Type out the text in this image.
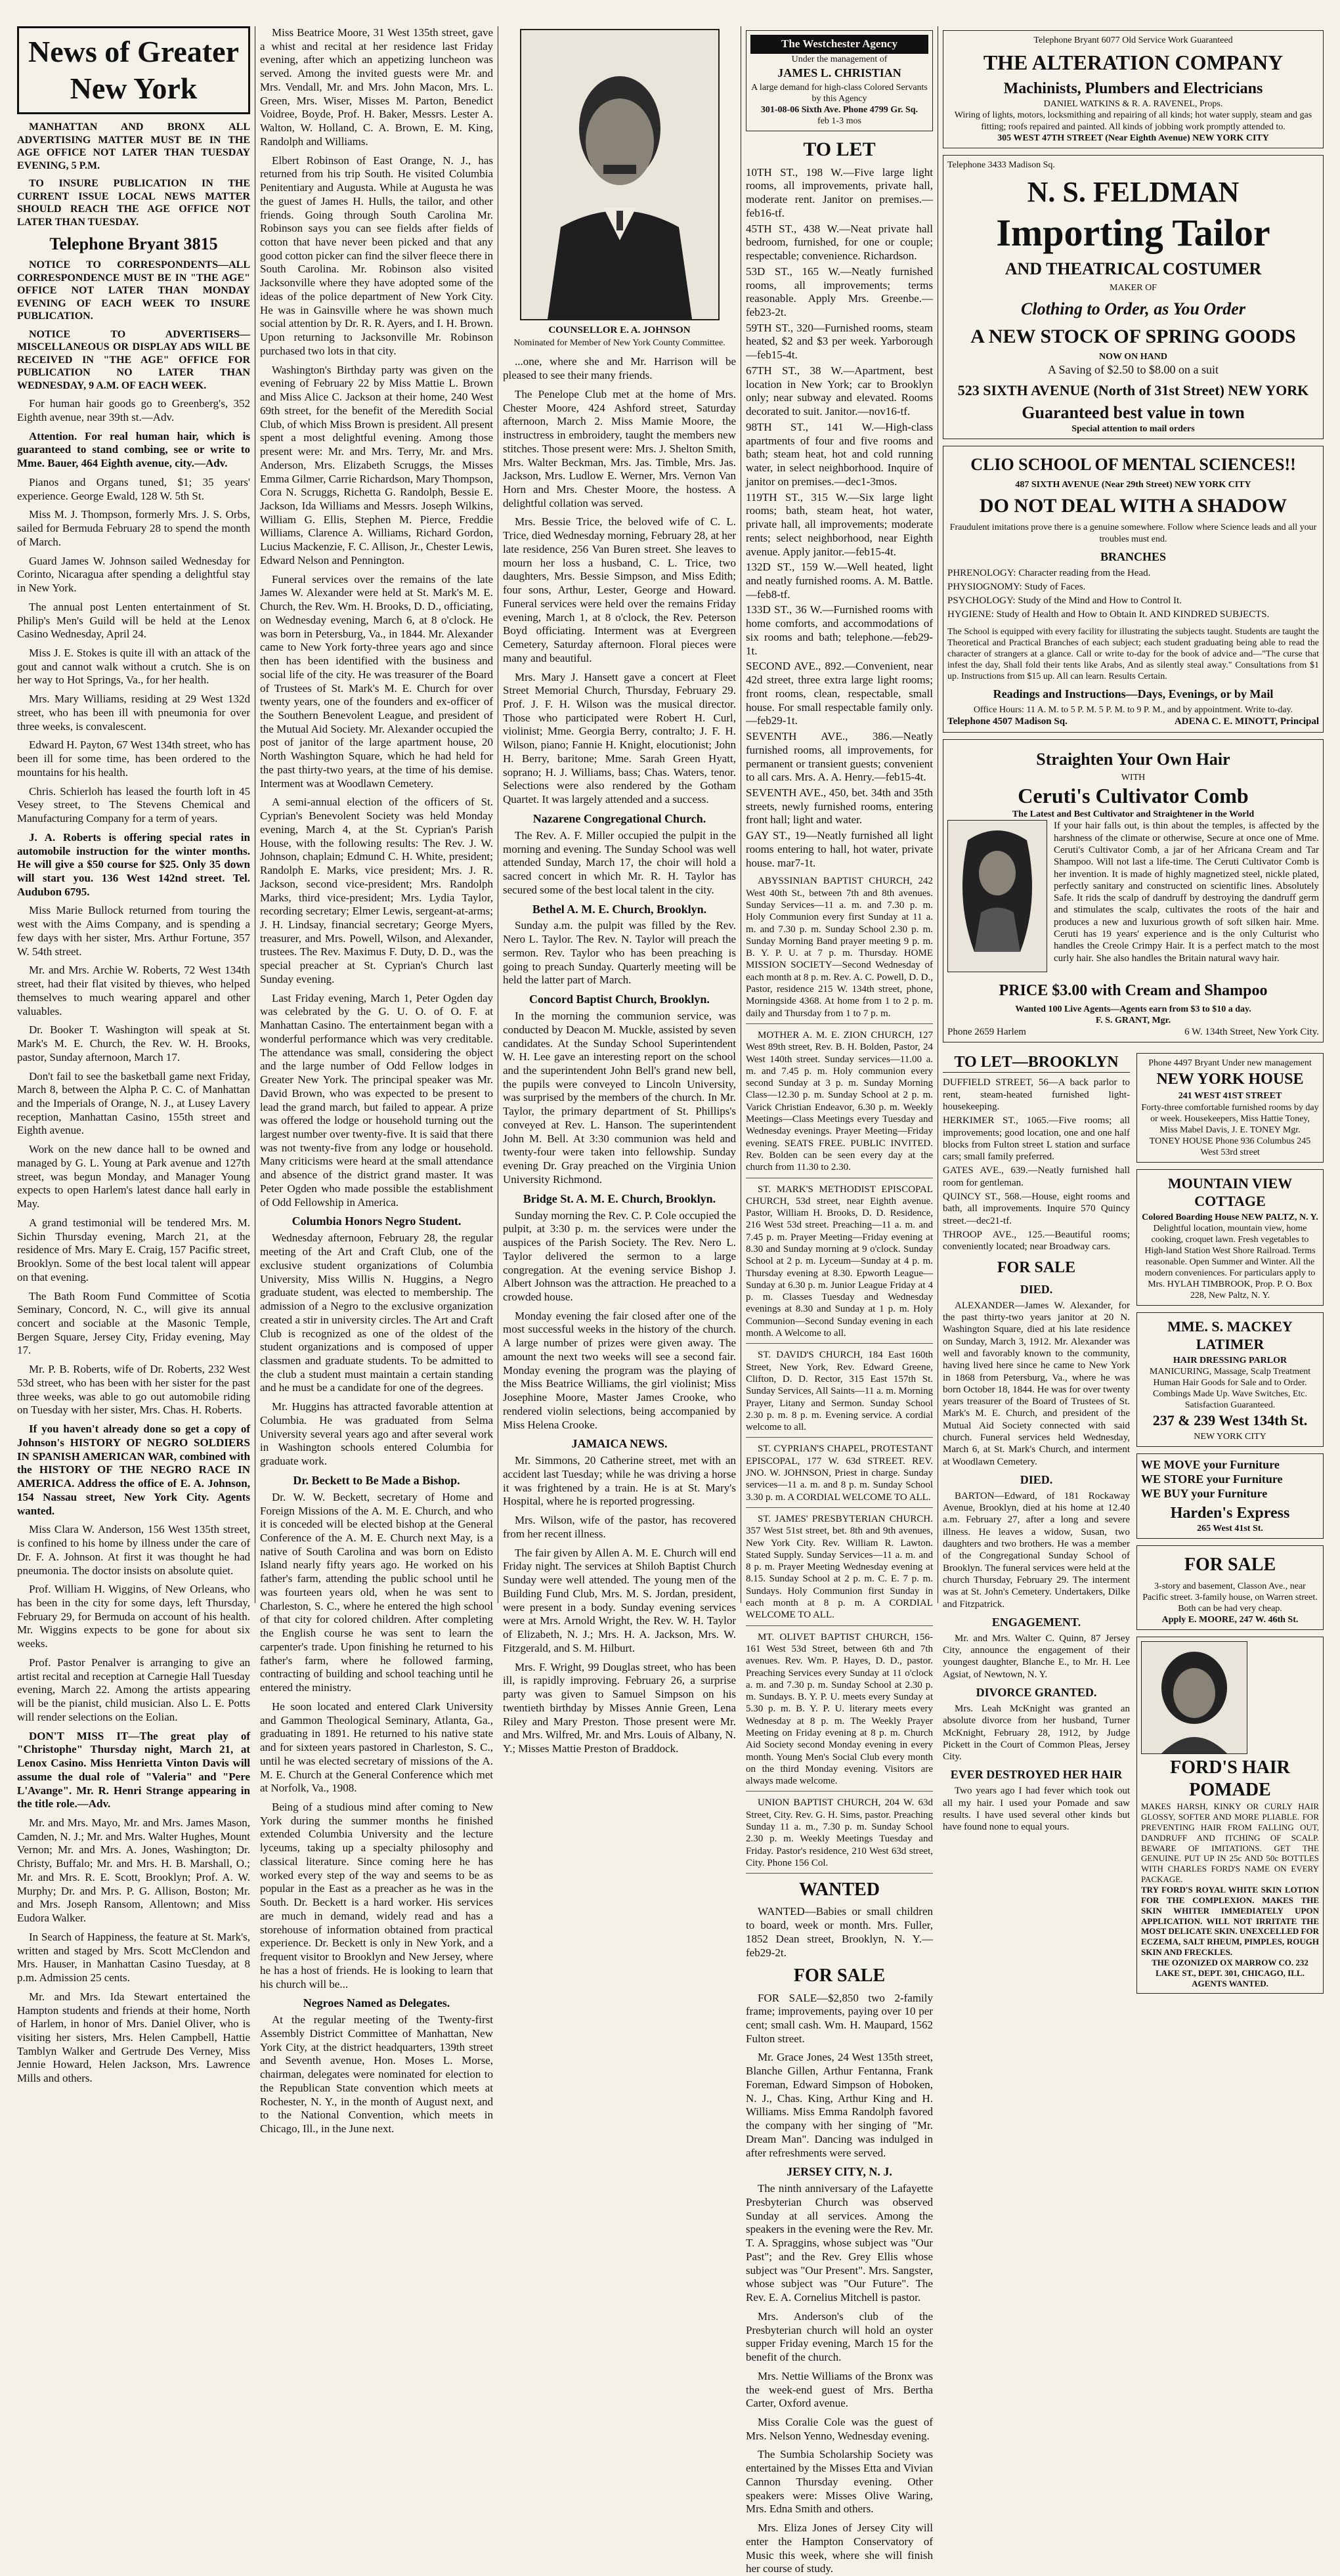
News of Greater New York

MANHATTAN AND BRONX ALL ADVERTISING MATTER MUST BE IN THE AGE OFFICE NOT LATER THAN TUESDAY EVENING, 5 P.M.

TO INSURE PUBLICATION IN THE CURRENT ISSUE LOCAL NEWS MATTER SHOULD REACH THE AGE OFFICE NOT LATER THAN TUESDAY.

Telephone Bryant 3815

NOTICE TO CORRESPONDENTS—ALL CORRESPONDENCE MUST BE IN "THE AGE" OFFICE NOT LATER THAN MONDAY EVENING OF EACH WEEK TO INSURE PUBLICATION.

NOTICE TO ADVERTISERS—MISCELLANEOUS OR DISPLAY ADS WILL BE RECEIVED IN "THE AGE" OFFICE FOR PUBLICATION NO LATER THAN WEDNESDAY, 9 A.M. OF EACH WEEK.

For human hair goods go to Greenberg's, 352 Eighth avenue, near 39th st.—Adv.

Attention. For real human hair, which is guaranteed to stand combing, see or write to Mme. Bauer, 464 Eighth avenue, city.—Adv.

Pianos and Organs tuned, $1; 35 years' experience. George Ewald, 128 W. 5th St.

Miss M. J. Thompson, formerly Mrs. J. S. Orbs, sailed for Bermuda February 28 to spend the month of March.

Guard James W. Johnson sailed Wednesday for Corinto, Nicaragua after spending a delightful stay in New York.

The annual post Lenten entertainment of St. Philip's Men's Guild will be held at the Lenox Casino Wednesday, April 24.

Miss J. E. Stokes is quite ill with an attack of the gout and cannot walk without a crutch. She is on her way to Hot Springs, Va., for her health.

Mrs. Mary Williams, residing at 29 West 132d street, who has been ill with pneumonia for over three weeks, is convalescent.

Edward H. Payton, 67 West 134th street, who has been ill for some time, has been ordered to the mountains for his health.

Chris. Schierloh has leased the fourth loft in 45 Vesey street, to The Stevens Chemical and Manufacturing Company for a term of years.

J. A. Roberts is offering special rates in automobile instruction for the winter months. He will give a $50 course for $25. Only 35 down will start you. 136 West 142nd street. Tel. Audubon 6795.

Miss Marie Bullock returned from touring the west with the Aims Company, and is spending a few days with her sister, Mrs. Arthur Fortune, 357 W. 54th street.

Mr. and Mrs. Archie W. Roberts, 72 West 134th street, had their flat visited by thieves, who helped themselves to much wearing apparel and other valuables.

Dr. Booker T. Washington will speak at St. Mark's M. E. Church, the Rev. W. H. Brooks, pastor, Sunday afternoon, March 17.

Don't fail to see the basketball game next Friday, March 8, between the Alpha P. C. C. of Manhattan and the Imperials of Orange, N. J., at Lusey Lavery reception, Manhattan Casino, 155th street and Eighth avenue.

Work on the new dance hall to be owned and managed by G. L. Young at Park avenue and 127th street, was begun Monday, and Manager Young expects to open Harlem's latest dance hall early in May.

A grand testimonial will be tendered Mrs. M. Sichin Thursday evening, March 21, at the residence of Mrs. Mary E. Craig, 157 Pacific street, Brooklyn. Some of the best local talent will appear on that evening.

The Bath Room Fund Committee of Scotia Seminary, Concord, N. C., will give its annual concert and sociable at the Masonic Temple, Bergen Square, Jersey City, Friday evening, May 17.

Mr. P. B. Roberts, wife of Dr. Roberts, 232 West 53d street, who has been with her sister for the past three weeks, was able to go out automobile riding on Tuesday with her sister, Mrs. Chas. H. Roberts.

If you haven't already done so get a copy of Johnson's HISTORY OF NEGRO SOLDIERS IN SPANISH AMERICAN WAR, combined with the HISTORY OF THE NEGRO RACE IN AMERICA. Address the office of E. A. Johnson, 154 Nassau street, New York City. Agents wanted.

Miss Clara W. Anderson, 156 West 135th street, is confined to his home by illness under the care of Dr. F. A. Johnson. At first it was thought he had pneumonia. The doctor insists on absolute quiet.

Prof. William H. Wiggins, of New Orleans, who has been in the city for some days, left Thursday, February 29, for Bermuda on account of his health. Mr. Wiggins expects to be gone for about six weeks.

Prof. Pastor Penalver is arranging to give an artist recital and reception at Carnegie Hall Tuesday evening, March 22. Among the artists appearing will be the pianist, child musician. Also L. E. Potts will render selections on the Eolian.

DON'T MISS IT—The great play of "Christophe" Thursday night, March 21, at Lenox Casino. Miss Henrietta Vinton Davis will assume the dual role of "Valeria" and "Pere L'Avange". Mr. R. Henri Strange appearing in the title role.—Adv.

Mr. and Mrs. Mayo, Mr. and Mrs. James Mason, Camden, N. J.; Mr. and Mrs. Walter Hughes, Mount Vernon; Mr. and Mrs. A. Jones, Washington; Dr. Christy, Buffalo; Mr. and Mrs. H. B. Marshall, O.; Mr. and Mrs. R. E. Scott, Brooklyn; Prof. A. W. Murphy; Dr. and Mrs. P. G. Allison, Boston; Mr. and Mrs. Joseph Ransom, Allentown; and Miss Eudora Walker.

In Search of Happiness, the feature at St. Mark's, written and staged by Mrs. Scott McClendon and Mrs. Hauser, in Manhattan Casino Tuesday, at 8 p.m. Admission 25 cents.

Mr. and Mrs. Ida Stewart entertained the Hampton students and friends at their home, North of Harlem, in honor of Mrs. Daniel Oliver, who is visiting her sisters, Mrs. Helen Campbell, Hattie Tamblyn Walker and Gertrude Des Verney, Miss Jennie Howard, Helen Jackson, Mrs. Lawrence Mills and others.

Miss Beatrice Moore, 31 West 135th street, gave a whist and recital at her residence last Friday evening, after which an appetizing luncheon was served. Among the invited guests were Mr. and Mrs. Vendall, Mr. and Mrs. John Macon, Mrs. L. Green, Mrs. Wiser, Misses M. Parton, Benedict Voidree, Boyde, Prof. H. Baker, Messrs. Lester A. Walton, W. Holland, C. A. Brown, E. M. King, Randolph and Williams.

Elbert Robinson of East Orange, N. J., has returned from his trip South. He visited Columbia Penitentiary and Augusta. While at Augusta he was the guest of James H. Hulls, the tailor, and other friends. Going through South Carolina Mr. Robinson says you can see fields after fields of cotton that have never been picked and that any good cotton picker can find the silver fleece there in South Carolina. Mr. Robinson also visited Jacksonville where they have adopted some of the ideas of the police department of New York City. He was in Gainsville where he was shown much social attention by Dr. R. R. Ayers, and I. H. Brown. Upon returning to Jacksonville Mr. Robinson purchased two lots in that city.

Washington's Birthday party was given on the evening of February 22 by Miss Mattie L. Brown and Miss Alice C. Jackson at their home, 240 West 69th street, for the benefit of the Meredith Social Club, of which Miss Brown is president. All present spent a most delightful evening. Among those present were: Mr. and Mrs. Terry, Mr. and Mrs. Anderson, Mrs. Elizabeth Scruggs, the Misses Emma Gilmer, Carrie Richardson, Mary Thompson, Cora N. Scruggs, Richetta G. Randolph, Bessie E. Jackson, Ida Williams and Messrs. Joseph Wilkins, William G. Ellis, Stephen M. Pierce, Freddie Williams, Clarence A. Williams, Richard Gordon, Lucius Mackenzie, F. C. Allison, Jr., Chester Lewis, Edward Nelson and Pennington.

Funeral services over the remains of the late James W. Alexander were held at St. Mark's M. E. Church, the Rev. Wm. H. Brooks, D. D., officiating, on Wednesday evening, March 6, at 8 o'clock. He was born in Petersburg, Va., in 1844. Mr. Alexander came to New York forty-three years ago and since then has been identified with the business and social life of the city. He was treasurer of the Board of Trustees of St. Mark's M. E. Church for over twenty years, one of the founders and ex-officer of the Southern Benevolent League, and president of the Mutual Aid Society. Mr. Alexander occupied the post of janitor of the large apartment house, 20 North Washington Square, which he had held for the past thirty-two years, at the time of his demise. Interment was at Woodlawn Cemetery.

A semi-annual election of the officers of St. Cyprian's Benevolent Society was held Monday evening, March 4, at the St. Cyprian's Parish House, with the following results: The Rev. J. W. Johnson, chaplain; Edmund C. H. White, president; Randolph E. Marks, vice president; Mrs. J. R. Jackson, second vice-president; Mrs. Randolph Marks, third vice-president; Mrs. Lydia Taylor, recording secretary; Elmer Lewis, sergeant-at-arms; J. H. Lindsay, financial secretary; George Myers, treasurer, and Mrs. Powell, Wilson, and Alexander, trustees. The Rev. Maximus F. Duty, D. D., was the special preacher at St. Cyprian's Church last Sunday evening.

Last Friday evening, March 1, Peter Ogden day was celebrated by the G. U. O. of O. F. at Manhattan Casino. The entertainment began with a wonderful performance which was very creditable. The attendance was small, considering the object and the large number of Odd Fellow lodges in Greater New York. The principal speaker was Mr. David Brown, who was expected to be present to lead the grand march, but failed to appear. A prize was offered the lodge or household turning out the largest number over twenty-five. It is said that there was not twenty-five from any lodge or household. Many criticisms were heard at the small attendance and absence of the district grand master. It was Peter Ogden who made possible the establishment of Odd Fellowship in America.

Columbia Honors Negro Student.

Wednesday afternoon, February 28, the regular meeting of the Art and Craft Club, one of the exclusive student organizations of Columbia University, Miss Willis N. Huggins, a Negro graduate student, was elected to membership. The admission of a Negro to the exclusive organization created a stir in university circles. The Art and Craft Club is recognized as one of the oldest of the student organizations and is composed of upper classmen and graduate students. To be admitted to the club a student must maintain a certain standing and he must be a candidate for one of the degrees.

Mr. Huggins has attracted favorable attention at Columbia. He was graduated from Selma University several years ago and after several work in Washington schools entered Columbia for graduate work.

Dr. Beckett to Be Made a Bishop.

Dr. W. W. Beckett, secretary of Home and Foreign Missions of the A. M. E. Church, and who it is conceded will be elected bishop at the General Conference of the A. M. E. Church next May, is a native of South Carolina and was born on Edisto Island nearly fifty years ago. He worked on his father's farm, attending the public school until he was fourteen years old, when he was sent to Charleston, S. C., where he entered the high school of that city for colored children. After completing the English course he was sent to learn the carpenter's trade. Upon finishing he returned to his father's farm, where he followed farming, contracting of building and school teaching until he entered the ministry.

He soon located and entered Clark University and Gammon Theological Seminary, Atlanta, Ga., graduating in 1891. He returned to his native state and for sixteen years pastored in Charleston, S. C., until he was elected secretary of missions of the A. M. E. Church at the General Conference which met at Norfolk, Va., 1908.

Being of a studious mind after coming to New York during the summer months he finished extended Columbia University and the lecture lyceums, taking up a specialty philosophy and classical literature. Since coming here he has worked every step of the way and seems to be as popular in the East as a preacher as he was in the South. Dr. Beckett is a hard worker. His services are much in demand, widely read and has a storehouse of information obtained from practical experience. Dr. Beckett is only in New York, and a frequent visitor to Brooklyn and New Jersey, where he has a host of friends. He is looking to learn that his church will be...

Negroes Named as Delegates.

At the regular meeting of the Twenty-first Assembly District Committee of Manhattan, New York City, at the district headquarters, 139th street and Seventh avenue, Hon. Moses L. Morse, chairman, delegates were nominated for election to the Republican State convention which meets at Rochester, N. Y., in the month of August next, and to the National Convention, which meets in Chicago, Ill., in the June next.

COUNSELLOR E. A. JOHNSON
Nominated for Member of New York County Committee.

...one, where she and Mr. Harrison will be pleased to see their many friends.

The Penelope Club met at the home of Mrs. Chester Moore, 424 Ashford street, Saturday afternoon, March 2. Miss Mamie Moore, the instructress in embroidery, taught the members new stitches. Those present were: Mrs. J. Shelton Smith, Mrs. Walter Beckman, Mrs. Jas. Timble, Mrs. Jas. Jackson, Mrs. Ludlow E. Werner, Mrs. Vernon Van Horn and Mrs. Chester Moore, the hostess. A delightful collation was served.

Mrs. Bessie Trice, the beloved wife of C. L. Trice, died Wednesday morning, February 28, at her late residence, 256 Van Buren street. She leaves to mourn her loss a husband, C. L. Trice, two daughters, Mrs. Bessie Simpson, and Miss Edith; four sons, Arthur, Lester, George and Howard. Funeral services were held over the remains Friday evening, March 1, at 8 o'clock, the Rev. Peterson Boyd officiating. Interment was at Evergreen Cemetery, Saturday afternoon. Floral pieces were many and beautiful.

Mrs. Mary J. Hansett gave a concert at Fleet Street Memorial Church, Thursday, February 29. Prof. J. F. H. Wilson was the musical director. Those who participated were Robert H. Curl, violinist; Mme. Georgia Berry, contralto; J. F. H. Wilson, piano; Fannie H. Knight, elocutionist; John H. Berry, baritone; Mme. Sarah Green Hyatt, soprano; H. J. Williams, bass; Chas. Waters, tenor. Selections were also rendered by the Gotham Quartet. It was largely attended and a success.

Nazarene Congregational Church.

The Rev. A. F. Miller occupied the pulpit in the morning and evening. The Sunday School was well attended Sunday, March 17, the choir will hold a sacred concert in which Mr. R. H. Taylor has secured some of the best local talent in the city.

Bethel A. M. E. Church, Brooklyn.

Sunday a.m. the pulpit was filled by the Rev. Nero L. Taylor. The Rev. N. Taylor will preach the sermon. Rev. Taylor who has been preaching is going to preach Sunday. Quarterly meeting will be held the latter part of March.

Concord Baptist Church, Brooklyn.

In the morning the communion service, was conducted by Deacon M. Muckle, assisted by seven candidates. At the Sunday School Superintendent W. H. Lee gave an interesting report on the school and the superintendent John Bell's grand new bell, the pupils were conveyed to Lincoln University, was surprised by the members of the church. In Mr. Taylor, the primary department of St. Phillips's conveyed at Rev. L. Hanson. The superintendent John M. Bell. At 3:30 communion was held and twenty-four were taken into fellowship. Sunday evening Dr. Gray preached on the Virginia Union University Richmond.

Bridge St. A. M. E. Church, Brooklyn.

Sunday morning the Rev. C. P. Cole occupied the pulpit, at 3:30 p. m. the services were under the auspices of the Parish Society. The Rev. Nero L. Taylor delivered the sermon to a large congregation. At the evening service Bishop J. Albert Johnson was the attraction. He preached to a crowded house.

Monday evening the fair closed after one of the most successful weeks in the history of the church. A large number of prizes were given away. The amount the next two weeks will see a second fair. Monday evening the program was the playing of the Miss Beatrice Williams, the girl violinist; Miss Josephine Moore, Master James Crooke, who rendered violin selections, being accompanied by Miss Helena Crooke.

JAMAICA NEWS.

Mr. Simmons, 20 Catherine street, met with an accident last Tuesday; while he was driving a horse it was frightened by a train. He is at St. Mary's Hospital, where he is reported progressing.

Mrs. Wilson, wife of the pastor, has recovered from her recent illness.

The fair given by Allen A. M. E. Church will end Friday night. The services at Shiloh Baptist Church Sunday were well attended. The young men of the Building Fund Club, Mrs. M. S. Jordan, president, were present in a body. Sunday evening services were at Mrs. Arnold Wright, the Rev. W. H. Taylor of Elizabeth, N. J.; Mrs. H. A. Jackson, Mrs. W. Fitzgerald, and S. M. Hilburt.

Mrs. F. Wright, 99 Douglas street, who has been ill, is rapidly improving. February 26, a surprise party was given to Samuel Simpson on his twentieth birthday by Misses Annie Green, Lena Riley and Mary Preston. Those present were Mr. and Mrs. Wilfred, Mr. and Mrs. Louis of Albany, N. Y.; Misses Mattie Preston of Braddock.

The Westchester Agency
Under the management of
JAMES L. CHRISTIAN
A large demand for high-class Colored Servants by this Agency
301-08-06 Sixth Ave. Phone 4799 Gr. Sq.
feb 1-3 mos
TO LET
10TH ST., 198 W.—Five large light rooms, all improvements, private hall, moderate rent. Janitor on premises.—feb16-tf.
45TH ST., 438 W.—Neat private hall bedroom, furnished, for one or couple; respectable; convenience. Richardson.
53D ST., 165 W.—Neatly furnished rooms, all improvements; terms reasonable. Apply Mrs. Greenbe.—feb23-2t.
59TH ST., 320—Furnished rooms, steam heated, $2 and $3 per week. Yarborough —feb15-4t.
67TH ST., 38 W.—Apartment, best location in New York; car to Brooklyn only; near subway and elevated. Rooms decorated to suit. Janitor.—nov16-tf.
98TH ST., 141 W.—High-class apartments of four and five rooms and bath; steam heat, hot and cold running water, in select neighborhood. Inquire of janitor on premises.—dec1-3mos.
119TH ST., 315 W.—Six large light rooms; bath, steam heat, hot water, private hall, all improvements; moderate rents; select neighborhood, near Eighth avenue. Apply janitor.—feb15-4t.
132D ST., 159 W.—Well heated, light and neatly furnished rooms. A. M. Battle.—feb8-tf.
133D ST., 36 W.—Furnished rooms with home comforts, and accommodations of six rooms and bath; telephone.—feb29-1t.
SECOND AVE., 892.—Convenient, near 42d street, three extra large light rooms; front rooms, clean, respectable, small house. For small respectable family only.—feb29-1t.
SEVENTH AVE., 386.—Neatly furnished rooms, all improvements, for permanent or transient guests; convenient to all cars. Mrs. A. A. Henry.—feb15-4t.
SEVENTH AVE., 450, bet. 34th and 35th streets, newly furnished rooms, entering front hall; light and water.
GAY ST., 19—Neatly furnished all light rooms entering to hall, hot water, private house. mar7-1t.

ABYSSINIAN BAPTIST CHURCH, 242 West 40th St., between 7th and 8th avenues. Sunday Services—11 a. m. and 7.30 p. m. Holy Communion every first Sunday at 11 a. m. and 7.30 p. m. Sunday School 2.30 p. m. Sunday Morning Band prayer meeting 9 p. m. B. Y. P. U. at 7 p. m. Thursday. HOME MISSION SOCIETY—Second Wednesday of each month at 8 p. m. Rev. A. C. Powell, D. D., Pastor, residence 215 W. 134th street, phone, Morningside 4368. At home from 1 to 2 p. m. daily and Thursday from 1 to 7 p. m.

MOTHER A. M. E. ZION CHURCH, 127 West 89th street, Rev. B. H. Bolden, Pastor, 24 West 140th street. Sunday services—11.00 a. m. and 7.45 p. m. Holy communion every second Sunday at 3 p. m. Sunday Morning Class—12.30 p. m. Sunday School at 2 p. m. Varick Christian Endeavor, 6.30 p. m. Weekly Meetings—Class Meetings every Tuesday and Wednesday evenings. Prayer Meeting—Friday evening. SEATS FREE. PUBLIC INVITED. Rev. Bolden can be seen every day at the church from 11.30 to 2.30.

ST. MARK'S METHODIST EPISCOPAL CHURCH, 53d street, near Eighth avenue. Pastor, William H. Brooks, D. D. Residence, 216 West 53d street. Preaching—11 a. m. and 7.45 p. m. Prayer Meeting—Friday evening at 8.30 and Sunday morning at 9 o'clock. Sunday School at 2 p. m. Lyceum—Sunday at 4 p. m. Thursday evening at 8.30. Epworth League—Sunday at 6.30 p. m. Junior League Friday at 4 p. m. Classes Tuesday and Wednesday evenings at 8.30 and Sunday at 1 p. m. Holy Communion—Second Sunday evening in each month. A Welcome to all.

ST. DAVID'S CHURCH, 184 East 160th Street, New York, Rev. Edward Greene, Clifton, D. D. Rector, 315 East 157th St. Sunday Services, All Saints—11 a. m. Morning Prayer, Litany and Sermon. Sunday School 2.30 p. m. 8 p. m. Evening service. A cordial welcome to all.

ST. CYPRIAN'S CHAPEL, PROTESTANT EPISCOPAL, 177 W. 63d STREET. REV. JNO. W. JOHNSON, Priest in charge. Sunday services—11 a. m. and 8 p. m. Sunday School 3.30 p. m. A CORDIAL WELCOME TO ALL.

ST. JAMES' PRESBYTERIAN CHURCH. 357 West 51st street, bet. 8th and 9th avenues, New York City. Rev. William R. Lawton. Stated Supply. Sunday Services—11 a. m. and 8 p. m. Prayer Meeting Wednesday evening at 8.15. Sunday School at 2 p. m. C. E. 7 p. m. Sundays. Holy Communion first Sunday in each month at 8 p. m. A CORDIAL WELCOME TO ALL.

MT. OLIVET BAPTIST CHURCH, 156-161 West 53d Street, between 6th and 7th avenues. Rev. Wm. P. Hayes, D. D., pastor. Preaching Services every Sunday at 11 o'clock a. m. and 7.30 p. m. Sunday School at 2.30 p. m. Sundays. B. Y. P. U. meets every Sunday at 5.30 p. m. B. Y. P. U. literary meets every Wednesday at 8 p. m. The Weekly Prayer Meeting on Friday evening at 8 p. m. Church Aid Society second Monday evening in every month. Young Men's Social Club every month on the third Monday evening. Visitors are always made welcome.

UNION BAPTIST CHURCH, 204 W. 63d Street, City. Rev. G. H. Sims, pastor. Preaching Sunday 11 a. m., 7.30 p. m. Sunday School 2.30 p. m. Weekly Meetings Tuesday and Friday. Pastor's residence, 210 West 63d street, City. Phone 156 Col.

WANTED

WANTED—Babies or small children to board, week or month. Mrs. Fuller, 1852 Dean street, Brooklyn, N. Y.—feb29-2t.

FOR SALE

FOR SALE—$2,850 two 2-family frame; improvements, paying over 10 per cent; small cash. Wm. H. Maupard, 1562 Fulton street.

Mr. Grace Jones, 24 West 135th street, Blanche Gillen, Arthur Fentanna, Frank Foreman, Edward Simpson of Hoboken, N. J., Chas. King, Arthur King and H. Williams. Miss Emma Randolph favored the company with her singing of "Mr. Dream Man". Dancing was indulged in after refreshments were served.

JERSEY CITY, N. J.

The ninth anniversary of the Lafayette Presbyterian Church was observed Sunday at all services. Among the speakers in the evening were the Rev. Mr. T. A. Spraggins, whose subject was "Our Past"; and the Rev. Grey Ellis whose subject was "Our Present". Mrs. Sangster, whose subject was "Our Future". The Rev. E. A. Cornelius Mitchell is pastor.

Mrs. Anderson's club of the Presbyterian church will hold an oyster supper Friday evening, March 15 for the benefit of the church.

Mrs. Nettie Williams of the Bronx was the week-end guest of Mrs. Bertha Carter, Oxford avenue.

Miss Coralie Cole was the guest of Mrs. Nelson Yenno, Wednesday evening.

The Sumbia Scholarship Society was entertained by the Misses Etta and Vivian Cannon Thursday evening. Other speakers were: Misses Olive Waring, Mrs. Edna Smith and others.

Mrs. Eliza Jones of Jersey City will enter the Hampton Conservatory of Music this week, where she will finish her course of study.

Telephone Bryant 6077 Old Service Work Guaranteed
THE ALTERATION COMPANY
Machinists, Plumbers and Electricians
DANIEL WATKINS & R. A. RAVENEL, Props.
Wiring of lights, motors, locksmithing and repairing of all kinds; hot water supply, steam and gas fitting; roofs repaired and painted. All kinds of jobbing work promptly attended to.
305 WEST 47TH STREET (Near Eighth Avenue) NEW YORK CITY
Telephone 3433 Madison Sq.
N. S. FELDMAN
Importing Tailor
AND THEATRICAL COSTUMER
MAKER OF
Clothing to Order, as You Order
A NEW STOCK OF SPRING GOODS
NOW ON HAND
A Saving of $2.50 to $8.00 on a suit
523 SIXTH AVENUE (North of 31st Street) NEW YORK
Guaranteed best value in town
Special attention to mail orders
CLIO SCHOOL OF MENTAL SCIENCES!!
487 SIXTH AVENUE (Near 29th Street) NEW YORK CITY
DO NOT DEAL WITH A SHADOW
Fraudulent imitations prove there is a genuine somewhere. Follow where Science leads and all your troubles must end.
BRANCHES
PHRENOLOGY: Character reading from the Head.
PHYSIOGNOMY: Study of Faces.
PSYCHOLOGY: Study of the Mind and How to Control It.
HYGIENE: Study of Health and How to Obtain It. AND KINDRED SUBJECTS.
The School is equipped with every facility for illustrating the subjects taught. Students are taught the Theoretical and Practical Branches of each subject; each student graduating being able to read the character of strangers at a glance. Call or write to-day for the book of advice and—"The curse that infest the day, Shall fold their tents like Arabs, And as silently steal away." Consultations from $1 up. Instructions from $15 up. All can learn. Results Certain.
Readings and Instructions—Days, Evenings, or by Mail
Office Hours: 11 A. M. to 5 P. M. 5 P. M. to 9 P. M., and by appointment. Write to-day.
Telephone 4507 Madison Sq.	ADENA C. E. MINOTT, Principal
Straighten Your Own Hair
WITH
Ceruti's Cultivator Comb
The Latest and Best Cultivator and Straightener in the World
If your hair falls out, is thin about the temples, is affected by the harshness of the climate or otherwise, Secure at once one of Mme. Ceruti's Cultivator Comb, a jar of her Africana Cream and Tar Shampoo. Will not last a life-time. The Ceruti Cultivator Comb is her invention. It is made of highly magnetized steel, nickle plated, perfectly sanitary and constructed on scientific lines. Absolutely Safe. It rids the scalp of dandruff by destroying the dandruff germ and stimulates the scalp, cultivates the roots of the hair and produces a new and luxurious growth of soft silken hair. Mme. Ceruti has 19 years' experience and is the only Culturist who handles the Creole Crimpy Hair. It is a perfect match to the most curly hair. She also handles the Britain natural wavy hair.
PRICE $3.00 with Cream and Shampoo
Wanted 100 Live Agents—Agents earn from $3 to $10 a day.
F. S. GRANT, Mgr.
Phone 2659 Harlem	6 W. 134th Street, New York City.
TO LET—BROOKLYN
DUFFIELD STREET, 56—A back parlor to rent, steam-heated furnished light-housekeeping.
HERKIMER ST., 1065.—Five rooms; all improvements; good location, one and one half blocks from Fulton street L station and surface cars; small family preferred.
GATES AVE., 639.—Neatly furnished hall room for gentleman.
QUINCY ST., 568.—House, eight rooms and bath, all improvements. Inquire 570 Quincy street.—dec21-tf.
THROOP AVE., 125.—Beautiful rooms; conveniently located; near Broadway cars.
FOR SALE
DIED.

ALEXANDER—James W. Alexander, for the past thirty-two years janitor at 20 N. Washington Square, died at his late residence on Sunday, March 3, 1912. Mr. Alexander was well and favorably known to the community, having lived here since he came to New York in 1868 from Petersburg, Va., where he was born October 18, 1844. He was for over twenty years treasurer of the Board of Trustees of St. Mark's M. E. Church, and president of the Mutual Aid Society connected with said church. Funeral services held Wednesday, March 6, at St. Mark's Church, and interment at Woodlawn Cemetery.

DIED.

BARTON—Edward, of 181 Rockaway Avenue, Brooklyn, died at his home at 12.40 a.m. February 27, after a long and severe illness. He leaves a widow, Susan, two daughters and two brothers. He was a member of the Congregational Sunday School of Brooklyn. The funeral services were held at the church Thursday, February 29. The interment was at St. John's Cemetery. Undertakers, Dilke and Fitzpatrick.

ENGAGEMENT.

Mr. and Mrs. Walter C. Quinn, 87 Jersey City, announce the engagement of their youngest daughter, Blanche E., to Mr. H. Lee Agsiat, of Newtown, N. Y.

DIVORCE GRANTED.

Mrs. Leah McKnight was granted an absolute divorce from her husband, Turner McKnight, February 28, 1912, by Judge Pickett in the Court of Common Pleas, Jersey City.

EVER DESTROYED HER HAIR

Two years ago I had fever which took out all my hair. I used your Pomade and saw results. I have used several other kinds but have found none to equal yours.

Phone 4497 Bryant Under new management
NEW YORK HOUSE
241 WEST 41ST STREET
Forty-three comfortable furnished rooms by day or week. Housekeepers, Miss Hattie Toney, Miss Mabel Davis, J. E. TONEY Mgr.
TONEY HOUSE Phone 936 Columbus 245 West 53rd street
MOUNTAIN VIEW COTTAGE
Colored Boarding House NEW PALTZ, N. Y.
Delightful location, mountain view, home cooking, croquet lawn. Fresh vegetables to High-land Station West Shore Railroad. Terms reasonable. Open Summer and Winter. All the modern conveniences. For particulars apply to Mrs. HYLAH TIMBROOK, Prop. P. O. Box 228, New Paltz, N. Y.
MME. S. MACKEY LATIMER
HAIR DRESSING PARLOR
MANICURING, Massage, Scalp Treatment Human Hair Goods for Sale and to Order. Combings Made Up. Wave Switches, Etc. Satisfaction Guaranteed.
237 & 239 West 134th St.
NEW YORK CITY
WE MOVE your Furniture
WE STORE your Furniture
WE BUY your Furniture
Harden's Express
265 West 41st St.
FOR SALE
3-story and basement, Classon Ave., near Pacific street. 3-family house, on Warren street. Both can be had very cheap.
Apply E. MOORE, 247 W. 46th St.
FORD'S HAIR POMADE
MAKES HARSH, KINKY OR CURLY HAIR GLOSSY, SOFTER AND MORE PLIABLE. FOR PREVENTING HAIR FROM FALLING OUT, DANDRUFF AND ITCHING OF SCALP. BEWARE OF IMITATIONS. GET THE GENUINE. PUT UP IN 25c AND 50c BOTTLES WITH CHARLES FORD'S NAME ON EVERY PACKAGE.
TRY FORD'S ROYAL WHITE SKIN LOTION FOR THE COMPLEXION. MAKES THE SKIN WHITER IMMEDIATELY UPON APPLICATION. WILL NOT IRRITATE THE MOST DELICATE SKIN. UNEXCELLED FOR ECZEMA, SALT RHEUM, PIMPLES, ROUGH SKIN AND FRECKLES.
THE OZONIZED OX MARROW CO. 232 LAKE ST., DEPT. 301, CHICAGO, ILL. AGENTS WANTED.
